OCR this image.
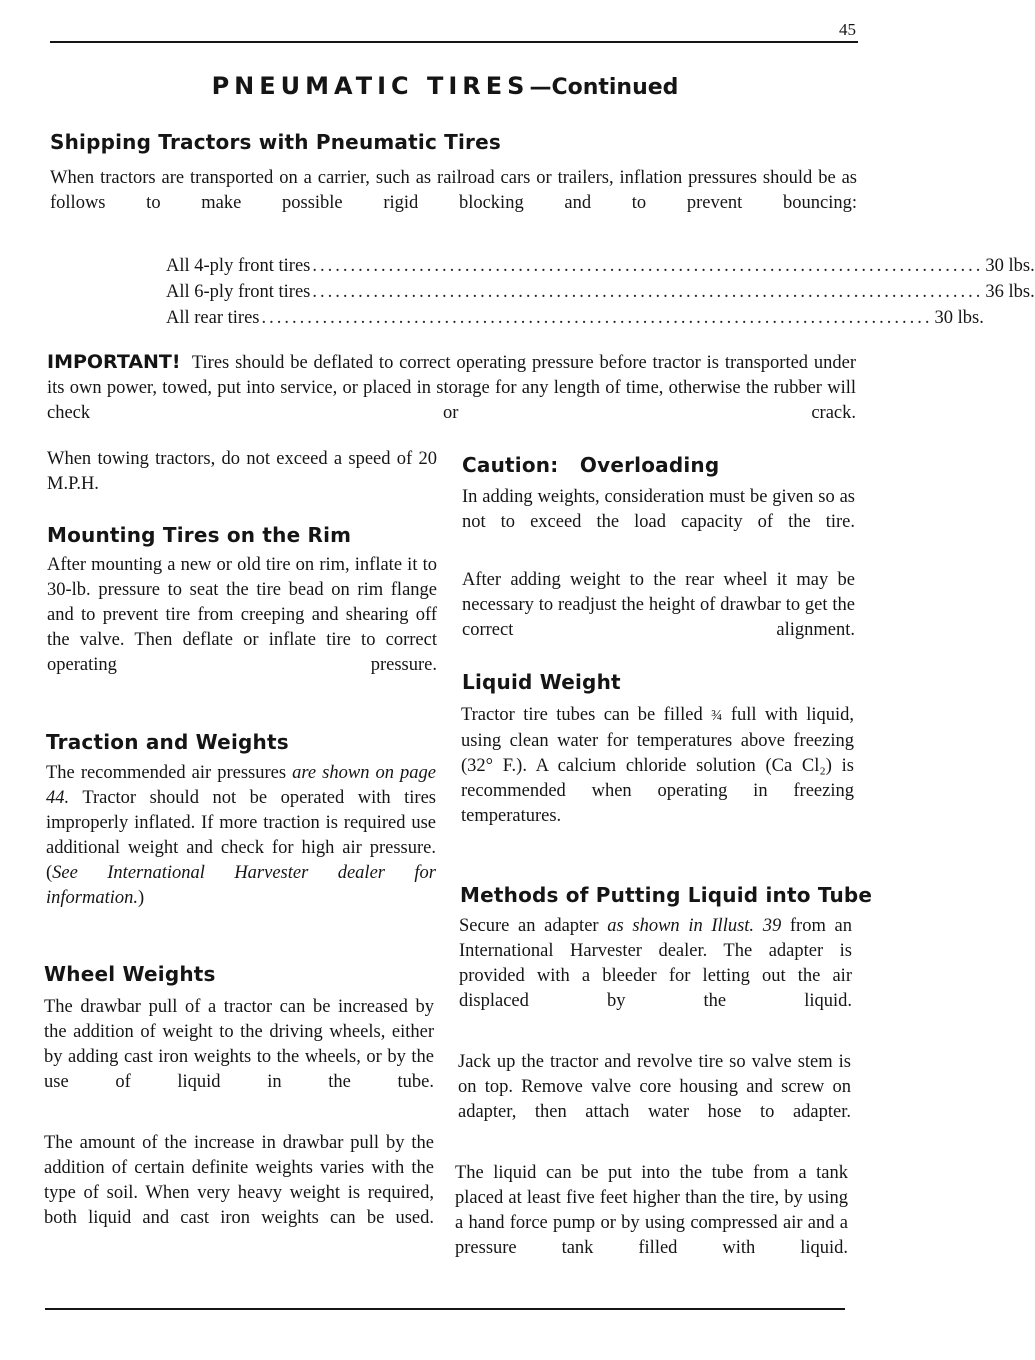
45
PNEUMATIC TIRES—Continued
Shipping Tractors with Pneumatic Tires

When tractors are transported on a carrier, such as railroad cars or trailers, inflation pressures should be as follows to make possible rigid blocking and to prevent bouncing:

All 4-ply front tires ........................................................................................ 30 lbs.
All 6-ply front tires ........................................................................................ 36 lbs.
All rear tires ........................................................................................ 30 lbs.

IMPORTANT! Tires should be deflated to correct operating pressure before tractor is transported under its own power, towed, put into service, or placed in storage for any length of time, otherwise the rubber will check or crack.

When towing tractors, do not exceed a speed of 20 M.P.H.

Mounting Tires on the Rim

After mounting a new or old tire on rim, inflate it to 30-lb. pressure to seat the tire bead on rim flange and to prevent tire from creeping and shearing off the valve. Then deflate or inflate tire to correct operating pressure.

Traction and Weights

The recommended air pressures are shown on page 44. Tractor should not be operated with tires improperly inflated. If more traction is required use additional weight and check for high air pressure. (See International Harvester dealer for information.)

Wheel Weights

The drawbar pull of a tractor can be increased by the addition of weight to the driving wheels, either by adding cast iron weights to the wheels, or by the use of liquid in the tube.

The amount of the increase in drawbar pull by the addition of certain definite weights varies with the type of soil. When very heavy weight is required, both liquid and cast iron weights can be used.

Caution: Overloading

In adding weights, consideration must be given so as not to exceed the load capacity of the tire.

After adding weight to the rear wheel it may be necessary to readjust the height of drawbar to get the correct alignment.

Liquid Weight

Tractor tire tubes can be filled ¾ full with liquid, using clean water for temperatures above freezing (32° F.). A calcium chloride solution (Ca Cl₂) is recommended when operating in freezing temperatures.

Methods of Putting Liquid into Tube

Secure an adapter as shown in Illust. 39 from an International Harvester dealer. The adapter is provided with a bleeder for letting out the air displaced by the liquid.

Jack up the tractor and revolve tire so valve stem is on top. Remove valve core housing and screw on adapter, then attach water hose to adapter.

The liquid can be put into the tube from a tank placed at least five feet higher than the tire, by using a hand force pump or by using compressed air and a pressure tank filled with liquid.
